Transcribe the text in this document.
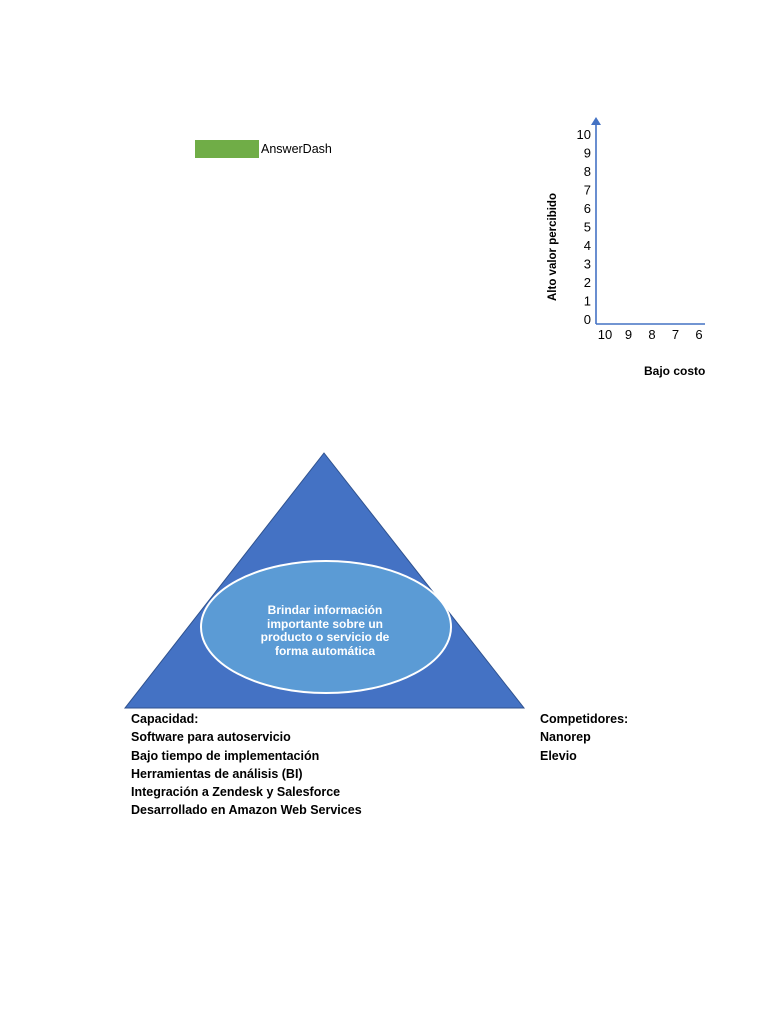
AnswerDash
10
9
8
7
6
5
4
3
2
1
0
10 9 8 7 6
Alto valor percibido
Bajo costo
Brindar información
importante sobre un
producto o servicio de
forma automática
Capacidad:
Software para autoservicio
Bajo tiempo de implementación
Herramientas de análisis (BI)
Integración a Zendesk y Salesforce
Desarrollado en Amazon Web Services
Competidores:
Nanorep
Elevio
